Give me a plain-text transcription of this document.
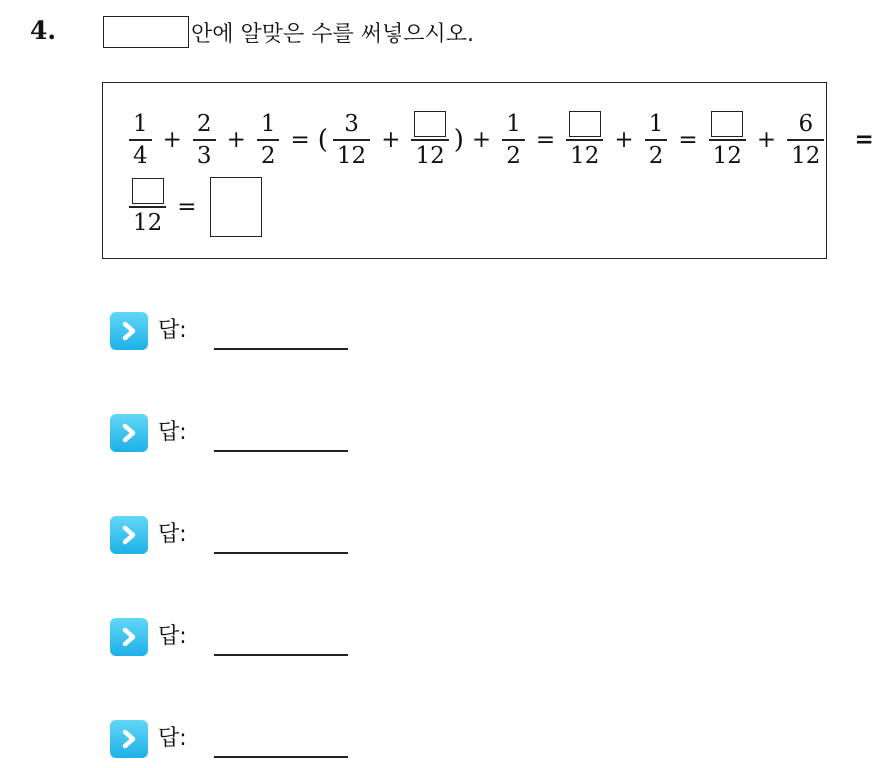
4.	안에 알맞은 수를 써넣으시오.
$\frac{1}{4} + \frac{2}{3} + \frac{1}{2}$ = ( $\frac{3}{12}$ +
12
) + $\frac{1}{2}$ =
12
+ $\frac{1}{2}$ =
12
+ $\frac{6}{12}$ =
12
=
답:
답:
답:
답:
답:
